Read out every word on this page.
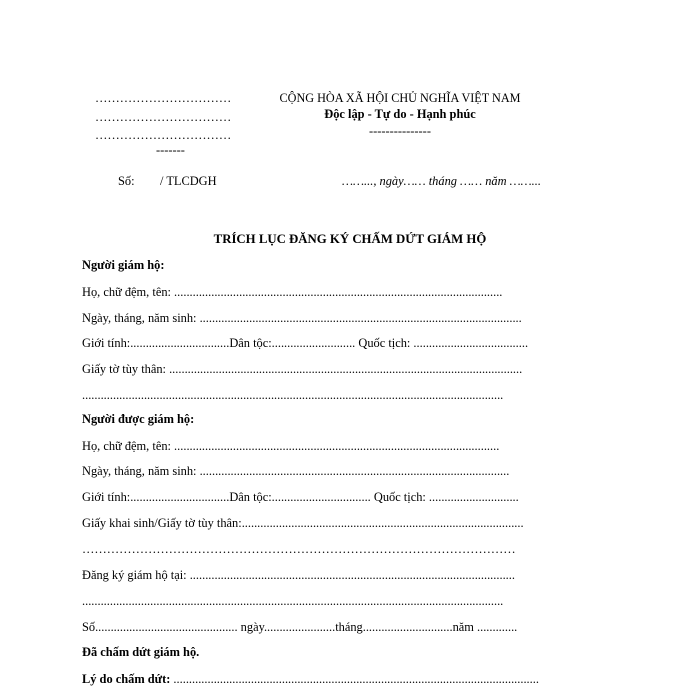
……………………………
……………………………
……………………………
-------
CỘNG HÒA XÃ HỘI CHỦ NGHĨA VIỆT NAM
Độc lập - Tự do - Hạnh phúc
---------------
Số: / TLCDGH	……..., ngày…… tháng …… năm ……...
TRÍCH LỤC ĐĂNG KÝ CHẤM DỨT GIÁM HỘ
Người giám hộ:
Họ, chữ đệm, tên: ..........................................................................................................
Ngày, tháng, năm sinh: ........................................................................................................
Giới tính:................................Dân tộc:........................... Quốc tịch: .....................................
Giấy tờ tùy thân: ..................................................................................................................
........................................................................................................................................
Người được giám hộ:
Họ, chữ đệm, tên: .........................................................................................................
Ngày, tháng, năm sinh: ....................................................................................................
Giới tính:................................Dân tộc:................................ Quốc tịch: .............................
Giấy khai sinh/Giấy tờ tùy thân:...........................................................................................
……………………………………………………………………………………………
Đăng ký giám hộ tại: .........................................................................................................
........................................................................................................................................
Số.............................................. ngày.......................tháng.............................năm .............
Đã chấm dứt giám hộ.
Lý do chấm dứt: ......................................................................................................................
